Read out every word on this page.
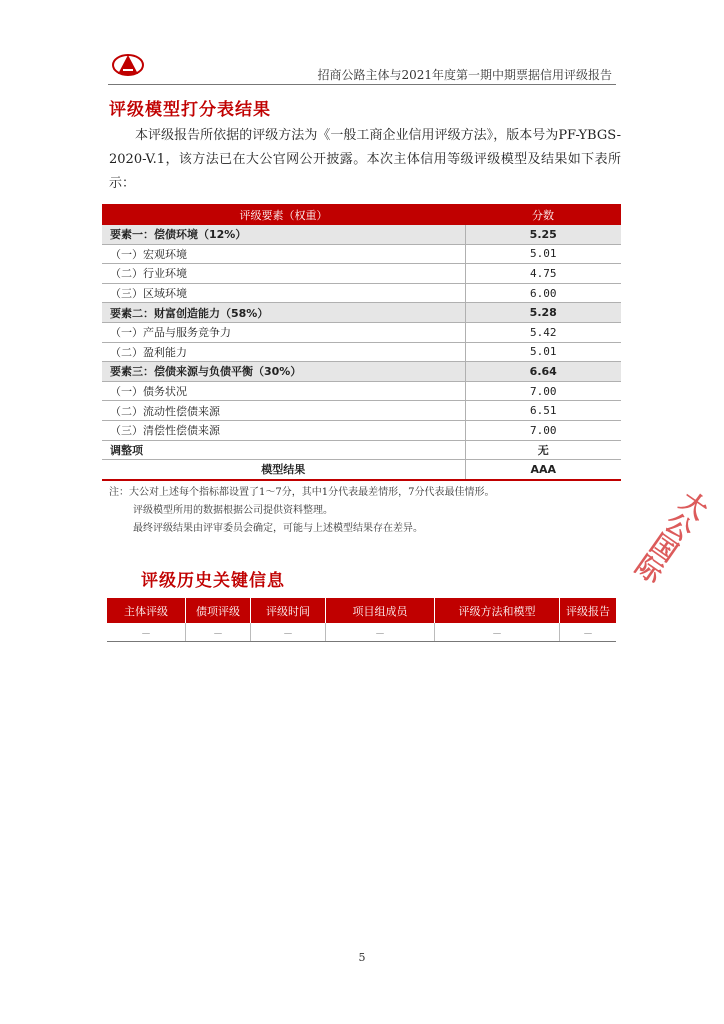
招商公路主体与2021年度第一期中期票据信用评级报告
评级模型打分表结果

本评级报告所依据的评级方法为《一般工商企业信用评级方法》，版本号为PF-YBGS-2020-V.1，该方法已在大公官网公开披露。本次主体信用等级评级模型及结果如下表所示：

评级要素（权重）	分数
要素一：偿债环境（12%）	5.25
（一）宏观环境	5.01
（二）行业环境	4.75
（三）区域环境	6.00
要素二：财富创造能力（58%）	5.28
（一）产品与服务竞争力	5.42
（二）盈利能力	5.01
要素三：偿债来源与负债平衡（30%）	6.64
（一）债务状况	7.00
（二）流动性偿债来源	6.51
（三）清偿性偿债来源	7.00
调整项	无
模型结果	AAA
注：大公对上述每个指标都设置了1～7分，其中1分代表最差情形，7分代表最佳情形。
评级模型所用的数据根据公司提供资料整理。
最终评级结果由评审委员会确定，可能与上述模型结果存在差异。
评级历史关键信息
主体评级	债项评级	评级时间	项目组成员	评级方法和模型	评级报告
－	－	－	－	－	－
大公国际
5
